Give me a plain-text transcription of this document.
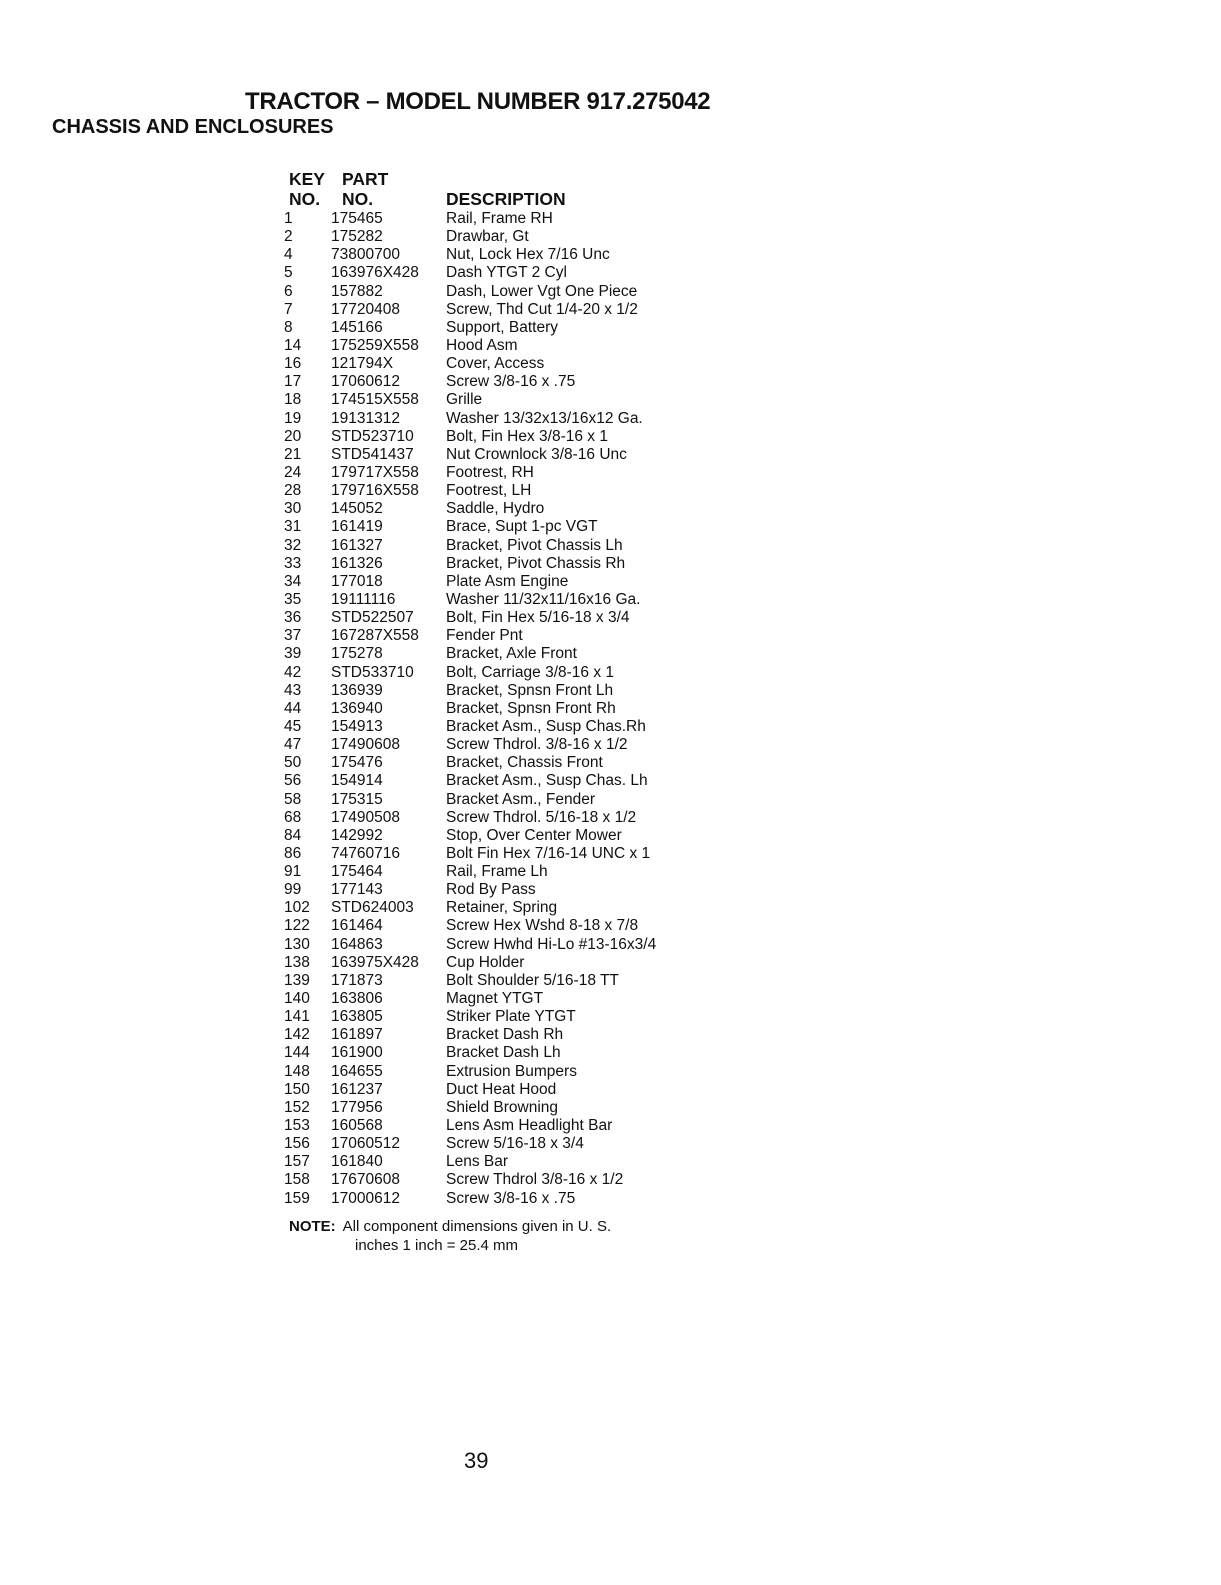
TRACTOR – MODEL NUMBER 917.275042
CHASSIS AND ENCLOSURES
KEY
NO.
PART
NO.	DESCRIPTION
1	175465	Rail, Frame RH
2	175282	Drawbar, Gt
4	73800700	Nut, Lock Hex 7/16 Unc
5	163976X428	Dash YTGT 2 Cyl
6	157882	Dash, Lower Vgt One Piece
7	17720408	Screw, Thd Cut 1/4-20 x 1/2
8	145166	Support, Battery
14	175259X558	Hood Asm
16	121794X	Cover, Access
17	17060612	Screw 3/8-16 x .75
18	174515X558	Grille
19	19131312	Washer 13/32x13/16x12 Ga.
20	STD523710	Bolt, Fin Hex 3/8-16 x 1
21	STD541437	Nut Crownlock 3/8-16 Unc
24	179717X558	Footrest, RH
28	179716X558	Footrest, LH
30	145052	Saddle, Hydro
31	161419	Brace, Supt 1-pc VGT
32	161327	Bracket, Pivot Chassis Lh
33	161326	Bracket, Pivot Chassis Rh
34	177018	Plate Asm Engine
35	19111116	Washer 11/32x11/16x16 Ga.
36	STD522507	Bolt, Fin Hex 5/16-18 x 3/4
37	167287X558	Fender Pnt
39	175278	Bracket, Axle Front
42	STD533710	Bolt, Carriage 3/8-16 x 1
43	136939	Bracket, Spnsn Front Lh
44	136940	Bracket, Spnsn Front Rh
45	154913	Bracket Asm., Susp Chas.Rh
47	17490608	Screw Thdrol. 3/8-16 x 1/2
50	175476	Bracket, Chassis Front
56	154914	Bracket Asm., Susp Chas. Lh
58	175315	Bracket Asm., Fender
68	17490508	Screw Thdrol. 5/16-18 x 1/2
84	142992	Stop, Over Center Mower
86	74760716	Bolt Fin Hex 7/16-14 UNC x 1
91	175464	Rail, Frame Lh
99	177143	Rod By Pass
102	STD624003	Retainer, Spring
122	161464	Screw Hex Wshd 8-18 x 7/8
130	164863	Screw Hwhd Hi-Lo #13-16x3/4
138	163975X428	Cup Holder
139	171873	Bolt Shoulder 5/16-18 TT
140	163806	Magnet YTGT
141	163805	Striker Plate YTGT
142	161897	Bracket Dash Rh
144	161900	Bracket Dash Lh
148	164655	Extrusion Bumpers
150	161237	Duct Heat Hood
152	177956	Shield Browning
153	160568	Lens Asm Headlight Bar
156	17060512	Screw 5/16-18 x 3/4
157	161840	Lens Bar
158	17670608	Screw Thdrol 3/8-16 x 1/2
159	17000612	Screw 3/8-16 x .75
NOTE: All component dimensions given in U. S.
inches 1 inch = 25.4 mm
39
